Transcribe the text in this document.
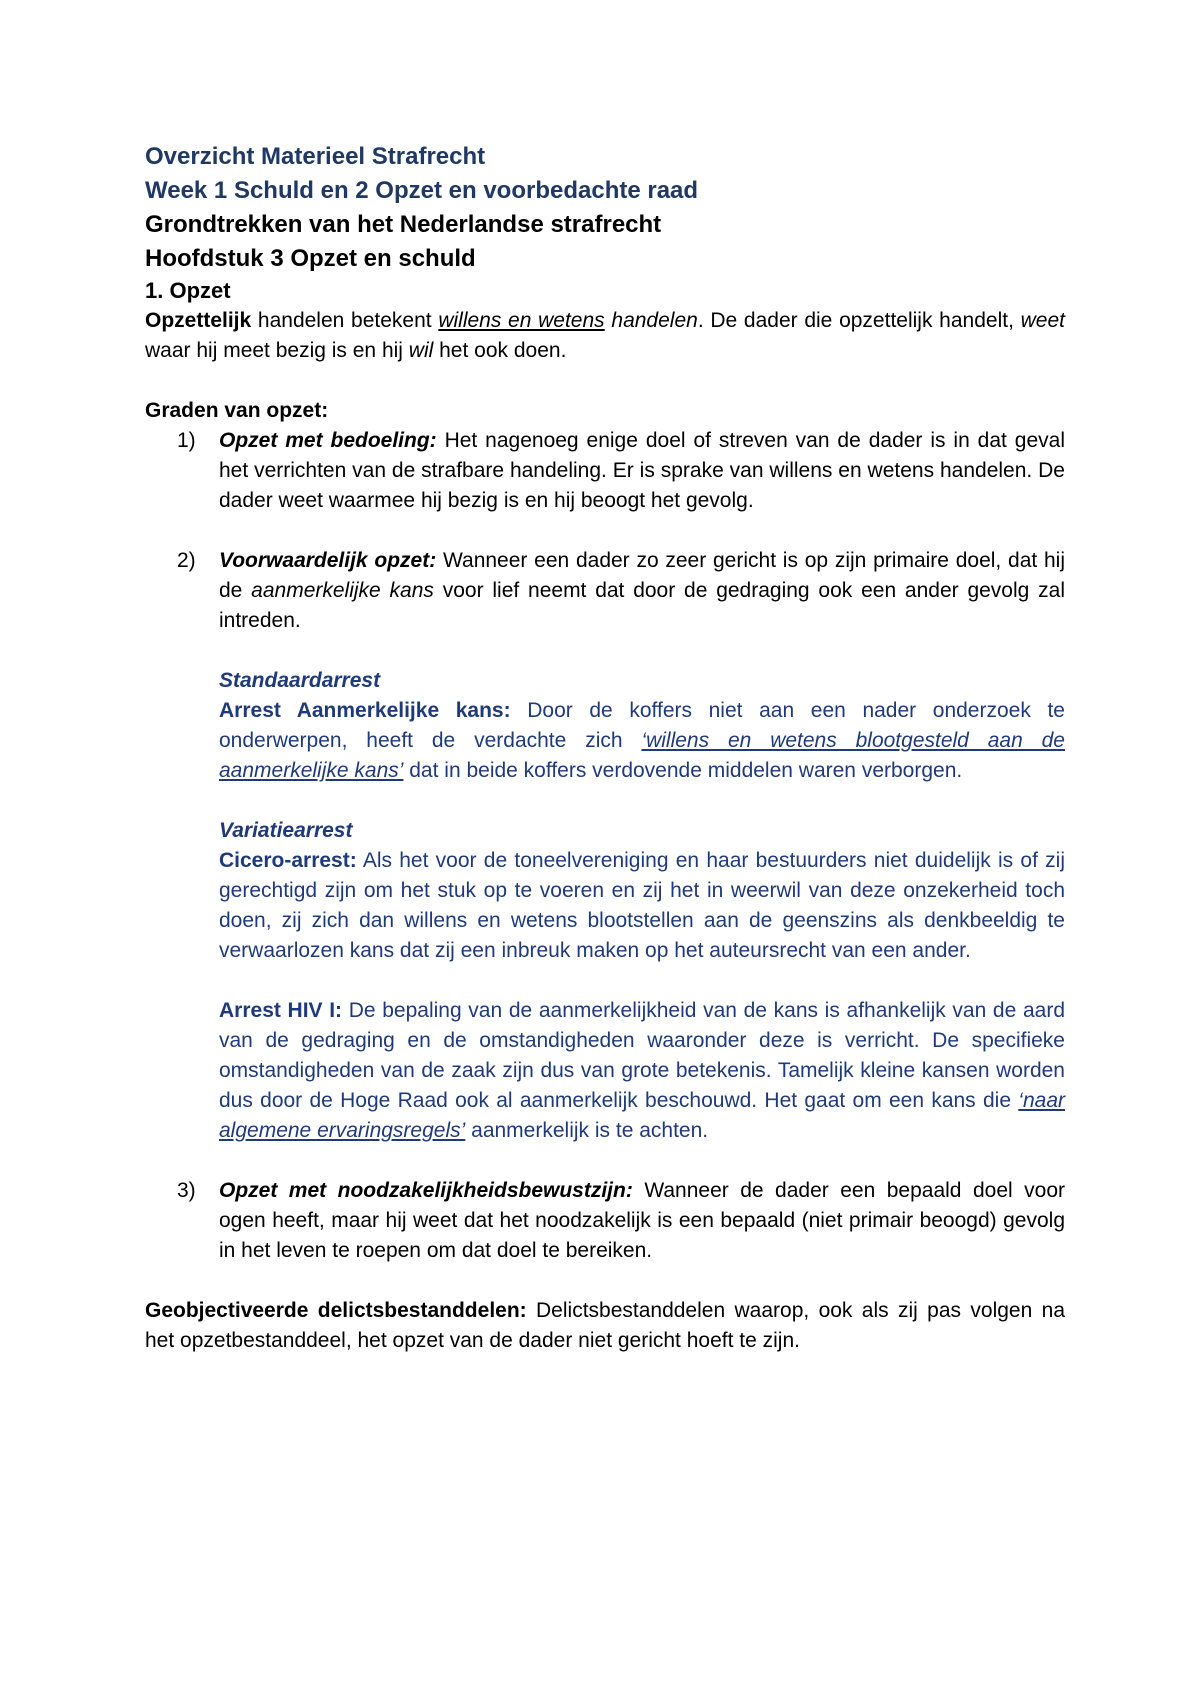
Overzicht Materieel Strafrecht

Week 1 Schuld en 2 Opzet en voorbedachte raad

Grondtrekken van het Nederlandse strafrecht

Hoofdstuk 3 Opzet en schuld

1. Opzet

Opzettelijk handelen betekent willens en wetens handelen. De dader die opzettelijk handelt, weet waar hij meet bezig is en hij wil het ook doen.

Graden van opzet:

1) Opzet met bedoeling: Het nagenoeg enige doel of streven van de dader is in dat geval het verrichten van de strafbare handeling. Er is sprake van willens en wetens handelen. De dader weet waarmee hij bezig is en hij beoogt het gevolg.
2) Voorwaardelijk opzet: Wanneer een dader zo zeer gericht is op zijn primaire doel, dat hij de aanmerkelijke kans voor lief neemt dat door de gedraging ook een ander gevolg zal intreden.
Standaardarrest
Arrest Aanmerkelijke kans: Door de koffers niet aan een nader onderzoek te onderwerpen, heeft de verdachte zich ‘willens en wetens blootgesteld aan de aanmerkelijke kans’ dat in beide koffers verdovende middelen waren verborgen.
Variatiearrest
Cicero-arrest: Als het voor de toneelvereniging en haar bestuurders niet duidelijk is of zij gerechtigd zijn om het stuk op te voeren en zij het in weerwil van deze onzekerheid toch doen, zij zich dan willens en wetens blootstellen aan de geenszins als denkbeeldig te verwaarlozen kans dat zij een inbreuk maken op het auteursrecht van een ander.
Arrest HIV I: De bepaling van de aanmerkelijkheid van de kans is afhankelijk van de aard van de gedraging en de omstandigheden waaronder deze is verricht. De specifieke omstandigheden van de zaak zijn dus van grote betekenis. Tamelijk kleine kansen worden dus door de Hoge Raad ook al aanmerkelijk beschouwd. Het gaat om een kans die ‘naar algemene ervaringsregels’ aanmerkelijk is te achten.
3) Opzet met noodzakelijkheidsbewustzijn: Wanneer de dader een bepaald doel voor ogen heeft, maar hij weet dat het noodzakelijk is een bepaald (niet primair beoogd) gevolg in het leven te roepen om dat doel te bereiken.

Geobjectiveerde delictsbestanddelen: Delictsbestanddelen waarop, ook als zij pas volgen na het opzetbestanddeel, het opzet van de dader niet gericht hoeft te zijn.
